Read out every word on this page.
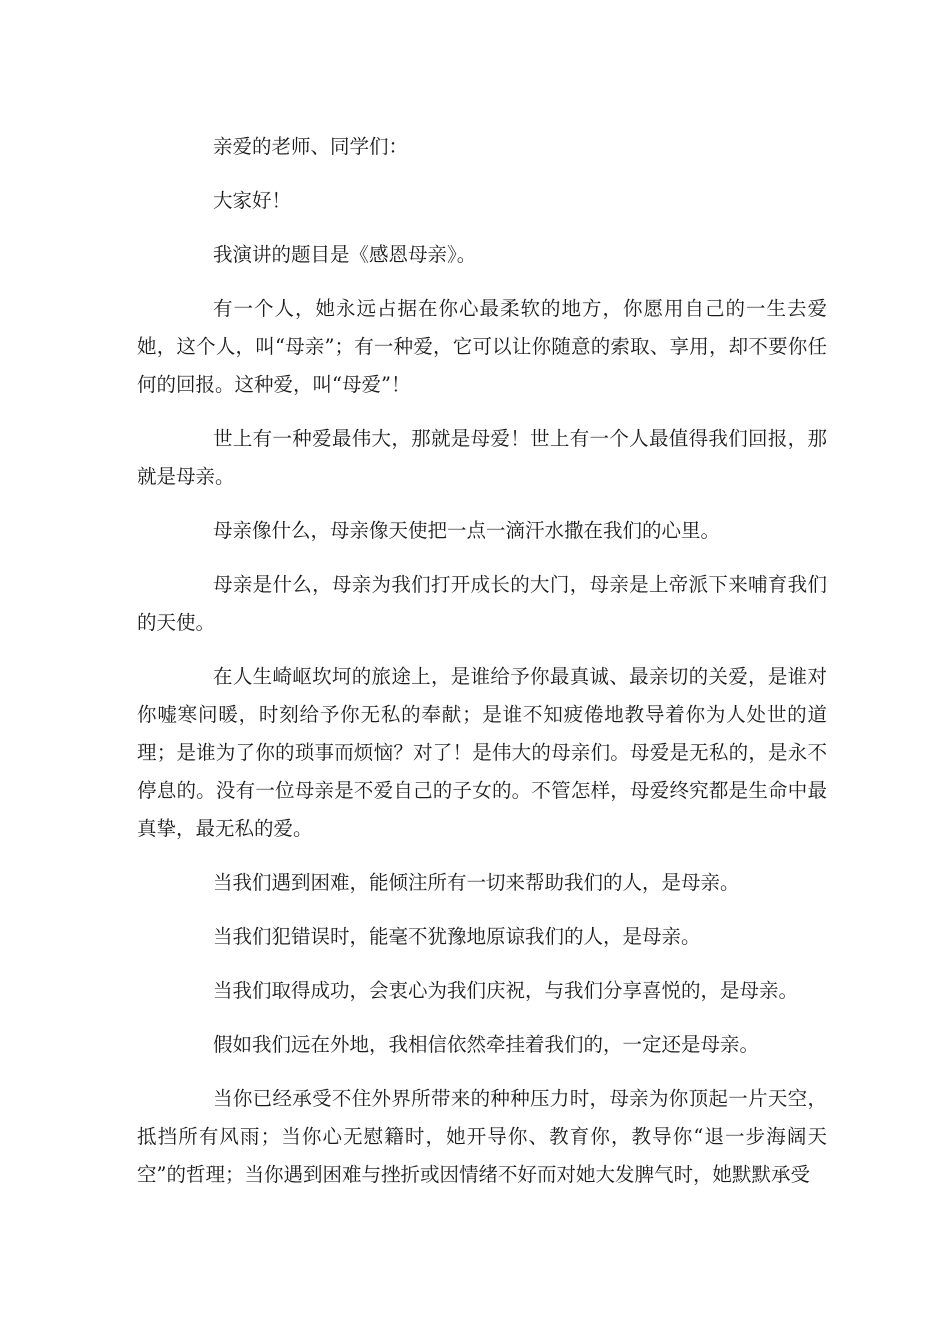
亲爱的老师、同学们：

大家好！

我演讲的题目是《感恩母亲》。

有一个人，她永远占据在你心最柔软的地方，你愿用自己的一生去爱她，这个人，叫“母亲”；有一种爱，它可以让你随意的索取、享用，却不要你任何的回报。这种爱，叫“母爱”！

世上有一种爱最伟大，那就是母爱！世上有一个人最值得我们回报，那就是母亲。

母亲像什么，母亲像天使把一点一滴汗水撒在我们的心里。

母亲是什么，母亲为我们打开成长的大门，母亲是上帝派下来哺育我们的天使。

在人生崎岖坎坷的旅途上，是谁给予你最真诚、最亲切的关爱，是谁对你嘘寒问暖，时刻给予你无私的奉献；是谁不知疲倦地教导着你为人处世的道理；是谁为了你的琐事而烦恼？对了！是伟大的母亲们。母爱是无私的，是永不停息的。没有一位母亲是不爱自己的子女的。不管怎样，母爱终究都是生命中最真挚，最无私的爱。

当我们遇到困难，能倾注所有一切来帮助我们的人，是母亲。

当我们犯错误时，能毫不犹豫地原谅我们的人，是母亲。

当我们取得成功，会衷心为我们庆祝，与我们分享喜悦的，是母亲。

假如我们远在外地，我相信依然牵挂着我们的，一定还是母亲。

当你已经承受不住外界所带来的种种压力时，母亲为你顶起一片天空，抵挡所有风雨；当你心无慰籍时，她开导你、教育你，教导你“退一步海阔天空”的哲理；当你遇到困难与挫折或因情绪不好而对她大发脾气时，她默默承受
